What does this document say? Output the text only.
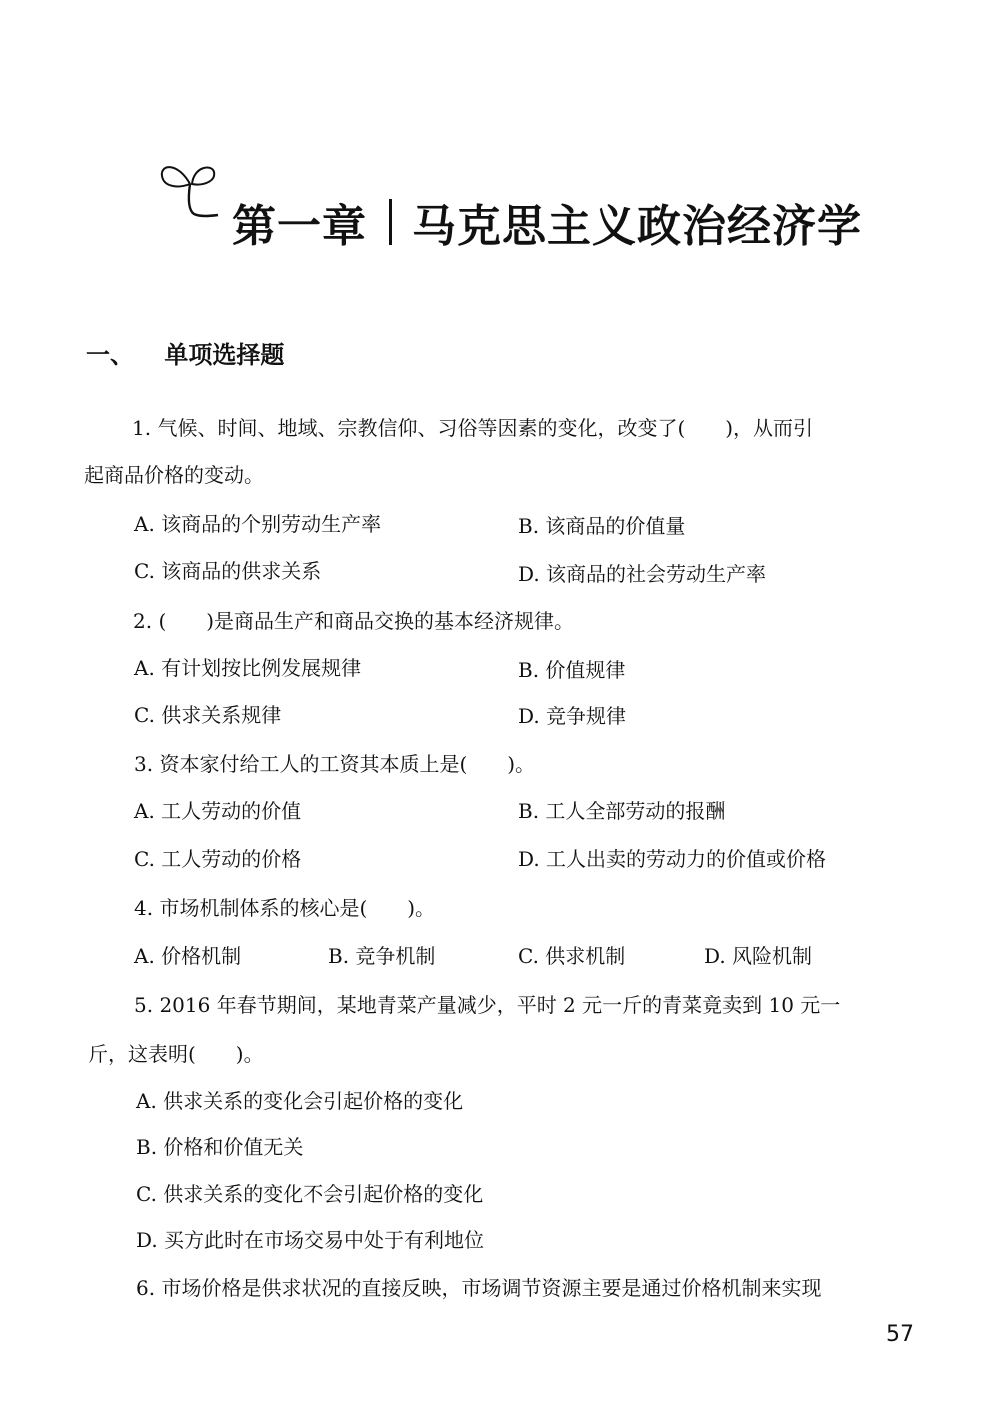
第一章 马克思主义政治经济学
一、 单项选择题
1. 气候、时间、地域、宗教信仰、习俗等因素的变化，改变了(　　)，从而引
起商品价格的变动。
A. 该商品的个别劳动生产率	B. 该商品的价值量
C. 该商品的供求关系	D. 该商品的社会劳动生产率
2. (　　)是商品生产和商品交换的基本经济规律。
A. 有计划按比例发展规律	B. 价值规律
C. 供求关系规律	D. 竞争规律
3. 资本家付给工人的工资其本质上是(　　)。
A. 工人劳动的价值	B. 工人全部劳动的报酬
C. 工人劳动的价格	D. 工人出卖的劳动力的价值或价格
4. 市场机制体系的核心是(　　)。
A. 价格机制	B. 竞争机制	C. 供求机制	D. 风险机制
5. 2016 年春节期间，某地青菜产量减少，平时 2 元一斤的青菜竟卖到 10 元一
斤，这表明(　　)。
A. 供求关系的变化会引起价格的变化
B. 价格和价值无关
C. 供求关系的变化不会引起价格的变化
D. 买方此时在市场交易中处于有利地位
6. 市场价格是供求状况的直接反映，市场调节资源主要是通过价格机制来实现
57
